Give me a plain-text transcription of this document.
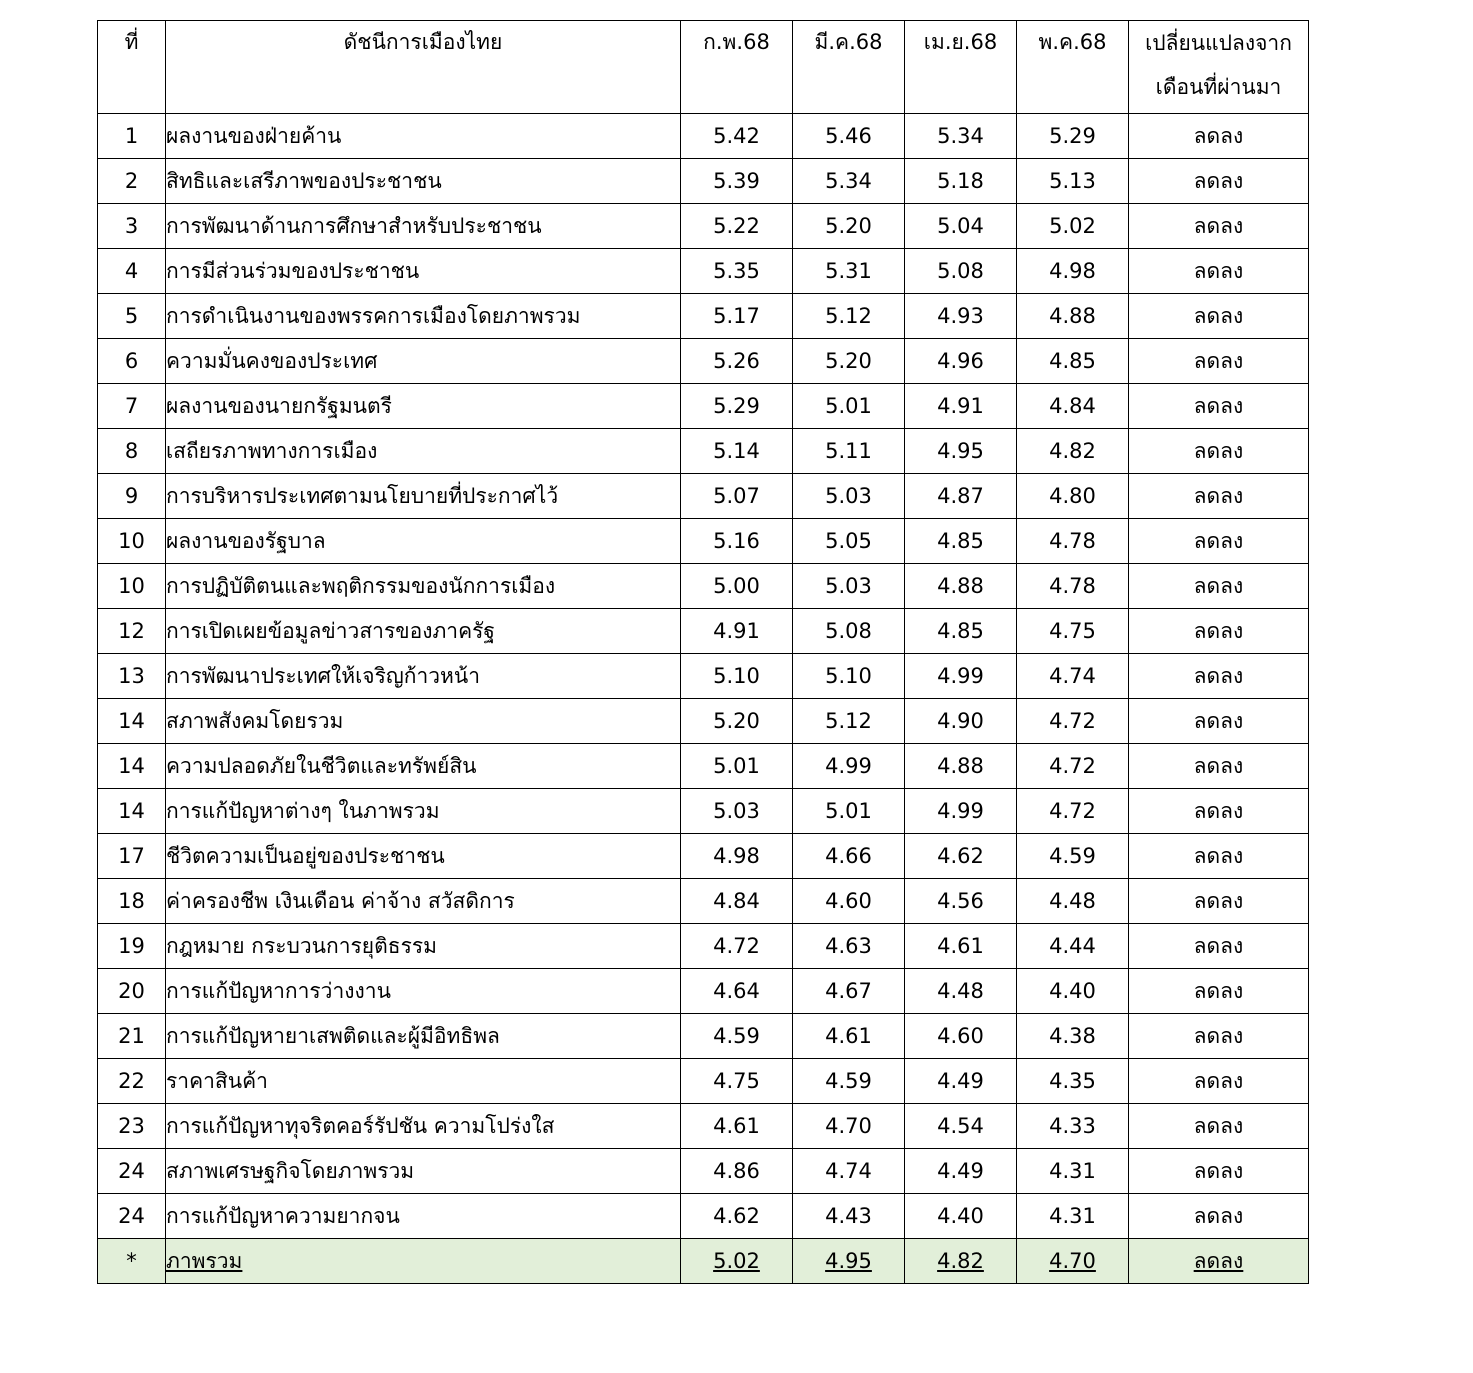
ที่	ดัชนีการเมืองไทย	ก.พ.68	มี.ค.68	เม.ย.68	พ.ค.68	เปลี่ยนแปลงจาก
เดือนที่ผ่านมา

1	ผลงานของฝ่ายค้าน	5.42	5.46	5.34	5.29	ลดลง
2	สิทธิและเสรีภาพของประชาชน	5.39	5.34	5.18	5.13	ลดลง
3	การพัฒนาด้านการศึกษาสำหรับประชาชน	5.22	5.20	5.04	5.02	ลดลง
4	การมีส่วนร่วมของประชาชน	5.35	5.31	5.08	4.98	ลดลง
5	การดำเนินงานของพรรคการเมืองโดยภาพรวม	5.17	5.12	4.93	4.88	ลดลง
6	ความมั่นคงของประเทศ	5.26	5.20	4.96	4.85	ลดลง
7	ผลงานของนายกรัฐมนตรี	5.29	5.01	4.91	4.84	ลดลง
8	เสถียรภาพทางการเมือง	5.14	5.11	4.95	4.82	ลดลง
9	การบริหารประเทศตามนโยบายที่ประกาศไว้	5.07	5.03	4.87	4.80	ลดลง
10	ผลงานของรัฐบาล	5.16	5.05	4.85	4.78	ลดลง
10	การปฏิบัติตนและพฤติกรรมของนักการเมือง	5.00	5.03	4.88	4.78	ลดลง
12	การเปิดเผยข้อมูลข่าวสารของภาครัฐ	4.91	5.08	4.85	4.75	ลดลง
13	การพัฒนาประเทศให้เจริญก้าวหน้า	5.10	5.10	4.99	4.74	ลดลง
14	สภาพสังคมโดยรวม	5.20	5.12	4.90	4.72	ลดลง
14	ความปลอดภัยในชีวิตและทรัพย์สิน	5.01	4.99	4.88	4.72	ลดลง
14	การแก้ปัญหาต่างๆ ในภาพรวม	5.03	5.01	4.99	4.72	ลดลง
17	ชีวิตความเป็นอยู่ของประชาชน	4.98	4.66	4.62	4.59	ลดลง
18	ค่าครองชีพ เงินเดือน ค่าจ้าง สวัสดิการ	4.84	4.60	4.56	4.48	ลดลง
19	กฎหมาย กระบวนการยุติธรรม	4.72	4.63	4.61	4.44	ลดลง
20	การแก้ปัญหาการว่างงาน	4.64	4.67	4.48	4.40	ลดลง
21	การแก้ปัญหายาเสพติดและผู้มีอิทธิพล	4.59	4.61	4.60	4.38	ลดลง
22	ราคาสินค้า	4.75	4.59	4.49	4.35	ลดลง
23	การแก้ปัญหาทุจริตคอร์รัปชัน ความโปร่งใส	4.61	4.70	4.54	4.33	ลดลง
24	สภาพเศรษฐกิจโดยภาพรวม	4.86	4.74	4.49	4.31	ลดลง
24	การแก้ปัญหาความยากจน	4.62	4.43	4.40	4.31	ลดลง
*	ภาพรวม	5.02	4.95	4.82	4.70	ลดลง
